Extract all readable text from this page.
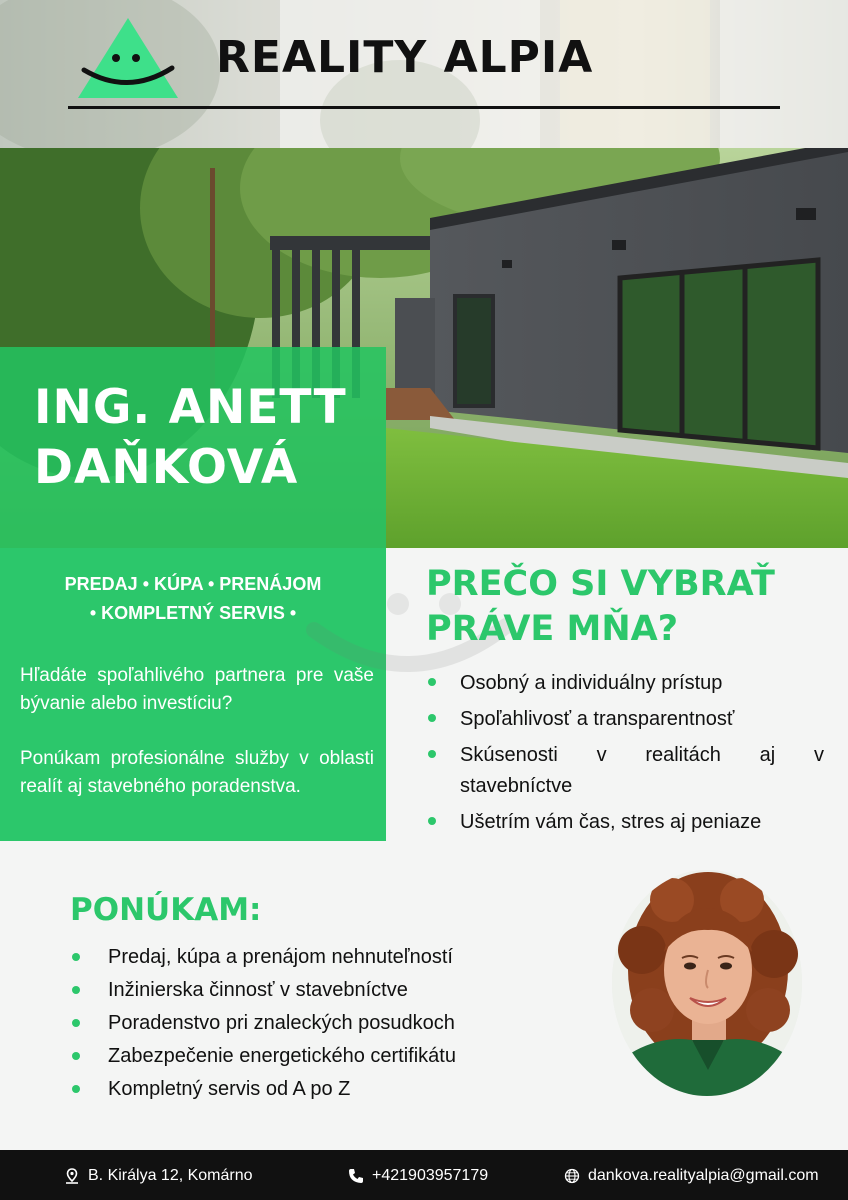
REALITY ALPIA
ING. ANETT
DAŇKOVÁ
PREDAJ • KÚPA • PRENÁJOM
• KOMPLETNÝ SERVIS •
Hľadáte spoľahlivého partnera pre vaše bývanie alebo investíciu?
Ponúkam profesionálne služby v oblasti realít aj stavebného poradenstva.
PREČO SI VYBRAŤ
PRÁVE MŇA?
Osobný a individuálny prístup
Spoľahlivosť a transparentnosť
Skúsenosti v realitách aj v
stavebníctve
Ušetrím vám čas, stres aj peniaze
PONÚKAM:
Predaj, kúpa a prenájom nehnuteľností
Inžinierska činnosť v stavebníctve
Poradenstvo pri znaleckých posudkoch
Zabezpečenie energetického certifikátu
Kompletný servis od A po Z
B. Királya 12, Komárno	+421903957179	dankova.realityalpia@gmail.com
